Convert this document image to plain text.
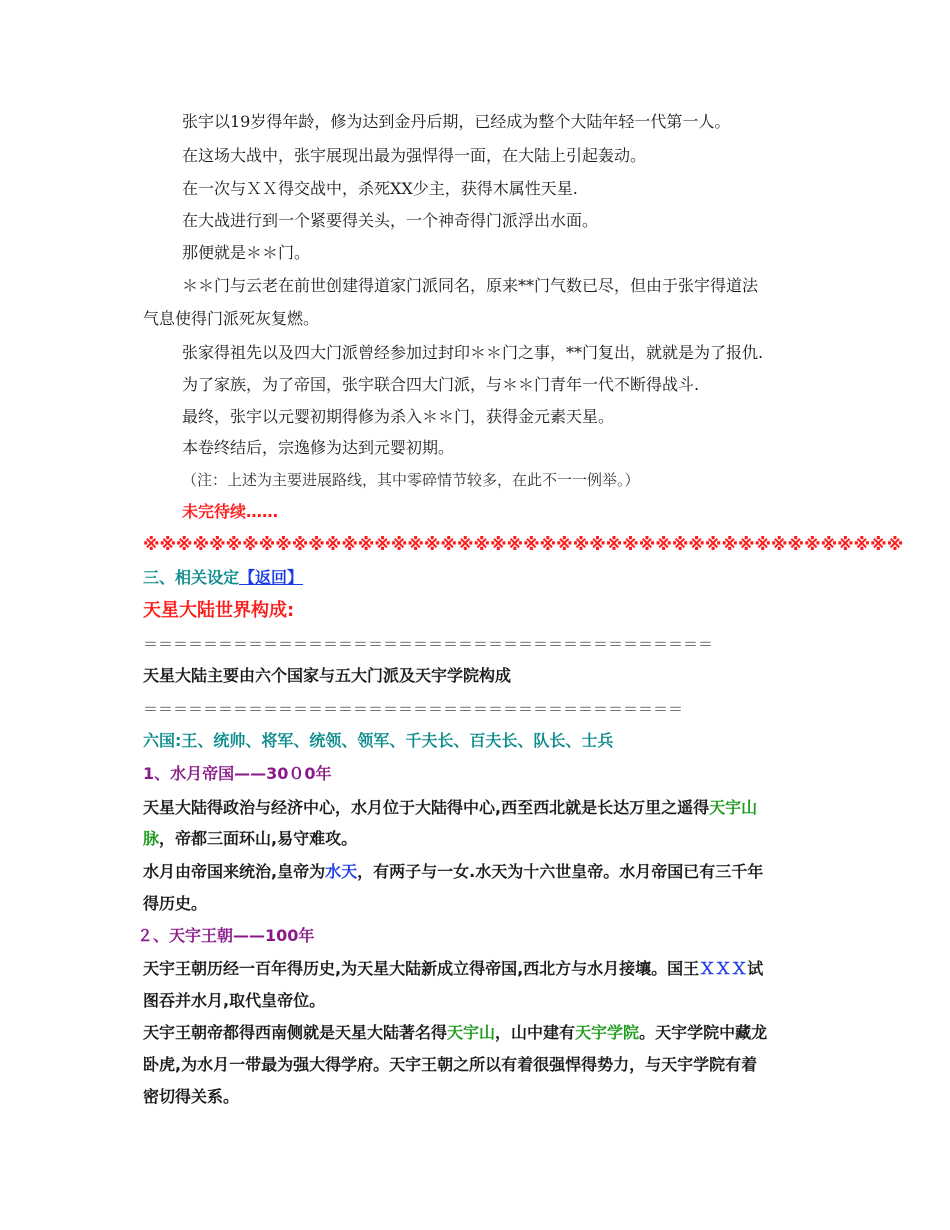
张宇以19岁得年龄，修为达到金丹后期，已经成为整个大陆年轻一代第一人。

在这场大战中，张宇展现出最为强悍得一面，在大陆上引起轰动。

在一次与ＸＸ得交战中，杀死XX少主，获得木属性天星.

在大战进行到一个紧要得关头，一个神奇得门派浮出水面。

那便就是＊＊门。

＊＊门与云老在前世创建得道家门派同名，原来**门气数已尽，但由于张宇得道法

气息使得门派死灰复燃。

张家得祖先以及四大门派曾经参加过封印＊＊门之事，**门复出，就就是为了报仇.

为了家族，为了帝国，张宇联合四大门派，与＊＊门青年一代不断得战斗.

最终，张宇以元婴初期得修为杀入＊＊门，获得金元素天星。

本卷终结后，宗逸修为达到元婴初期。

（注：上述为主要进展路线，其中零碎情节较多，在此不一一例举。）

未完待续……

※※※※※※※※※※※※※※※※※※※※※※※※※※※※※※※※※※※※※※※※※※※※※※

三、相关设定【返回】

天星大陆世界构成:

＝＝＝＝＝＝＝＝＝＝＝＝＝＝＝＝＝＝＝＝＝＝＝＝＝＝＝＝＝＝＝＝＝＝＝＝＝＝

天星大陆主要由六个国家与五大门派及天宇学院构成

＝＝＝＝＝＝＝＝＝＝＝＝＝＝＝＝＝＝＝＝＝＝＝＝＝＝＝＝＝＝＝＝＝＝＝＝

六国:王、统帅、将军、统领、领军、千夫长、百夫长、队长、士兵

1、水月帝国——30０0年

天星大陆得政治与经济中心，水月位于大陆得中心,西至西北就是长达万里之遥得天宇山

脉，帝都三面环山,易守难攻。

水月由帝国来统治,皇帝为水天，有两子与一女.水天为十六世皇帝。水月帝国已有三千年

得历史。

２、天宇王朝——100年

天宇王朝历经一百年得历史,为天星大陆新成立得帝国,西北方与水月接壤。国王ＸＸＸ试

图吞并水月,取代皇帝位。

天宇王朝帝都得西南侧就是天星大陆著名得天宇山，山中建有天宇学院。天宇学院中藏龙

卧虎,为水月一带最为强大得学府。天宇王朝之所以有着很强悍得势力，与天宇学院有着

密切得关系。
